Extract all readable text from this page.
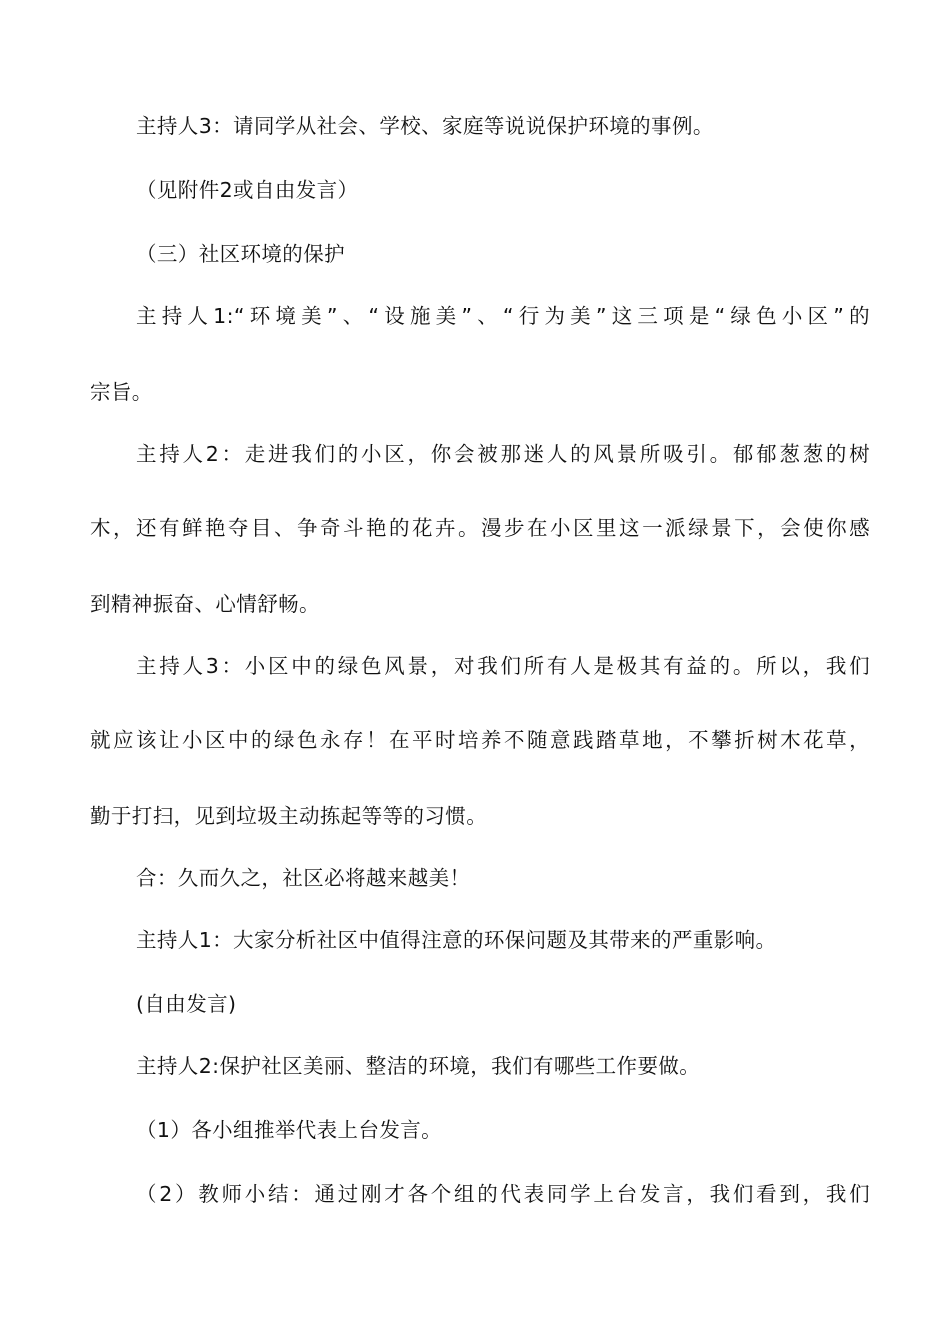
主持人3：请同学从社会、学校、家庭等说说保护环境的事例。
（见附件2或自由发言）
（三）社区环境的保护
主持人1:“环境美”、“设施美”、“行为美”这三项是“绿色小区”的
宗旨。
主持人2：走进我们的小区，你会被那迷人的风景所吸引。郁郁葱葱的树
木，还有鲜艳夺目、争奇斗艳的花卉。漫步在小区里这一派绿景下，会使你感
到精神振奋、心情舒畅。
主持人3：小区中的绿色风景，对我们所有人是极其有益的。所以，我们
就应该让小区中的绿色永存！在平时培养不随意践踏草地，不攀折树木花草，
勤于打扫，见到垃圾主动拣起等等的习惯。
合：久而久之，社区必将越来越美！
主持人1：大家分析社区中值得注意的环保问题及其带来的严重影响。
(自由发言)
主持人2:保护社区美丽、整洁的环境，我们有哪些工作要做。
（1）各小组推举代表上台发言。
（2）教师小结：通过刚才各个组的代表同学上台发言，我们看到，我们
